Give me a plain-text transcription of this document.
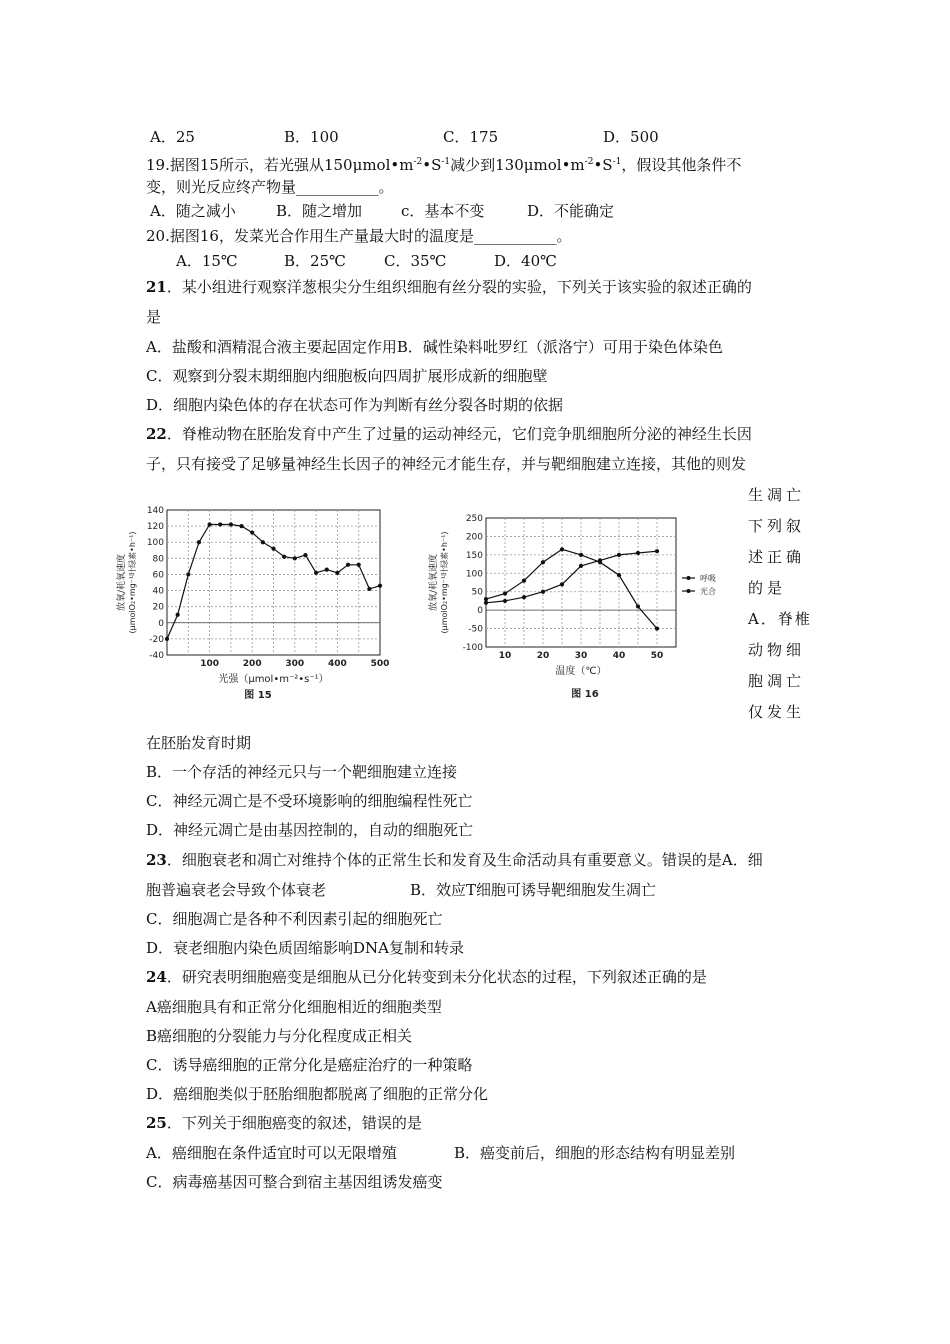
A．25	B．100	C．175	D．500
19.据图15所示，若光强从$150\mu mol•m^{-2}•S^{-1}$减少到$130\mu mol•m^{-2}•S^{-1}$，假设其他条件不
变，则光反应终产物量___________。
A．随之减小	B．随之增加	c．基本不变	D．不能确定
20.据图16，发菜光合作用生产量最大时的温度是___________。
A．15℃	B．25℃	C．35℃	D．40℃
21．某小组进行观察洋葱根尖分生组织细胞有丝分裂的实验，下列关于该实验的叙述正确的
是
A．盐酸和酒精混合液主要起固定作用B．碱性染料吡罗红（派洛宁）可用于染色体染色
C．观察到分裂末期细胞内细胞板向四周扩展形成新的细胞壁
D．细胞内染色体的存在状态可作为判断有丝分裂各时期的依据
22．脊椎动物在胚胎发育中产生了过量的运动神经元，它们竞争肌细胞所分泌的神经生长因
子，只有接受了足够量神经生长因子的神经元才能生存，并与靶细胞建立连接，其他的则发
生凋亡
下列叙
述正确
的是
A．脊椎
动物细
胞凋亡
仅发生
在胚胎发育时期
B．一个存活的神经元只与一个靶细胞建立连接
C．神经元凋亡是不受环境影响的细胞编程性死亡
D．神经元凋亡是由基因控制的，自动的细胞死亡
140
120
100
80
60
40
20
0
-20
-40
100	200	300	400	500
光强（μmol•m⁻²•s⁻¹）
放氧/耗氧速度 (μmolO₂•mg⁻¹叶绿素•h⁻¹)
图 15
250
200
150
100
50
0
-50
-100
10	20	30	40	50
温度（℃）
放氧/耗氧速度 (μmolO₂•mg⁻¹叶绿素•h⁻¹)
图 16
呼吸
光合
23．细胞衰老和凋亡对维持个体的正常生长和发育及生命活动具有重要意义。错误的是A．细
胞普遍衰老会导致个体衰老	B．效应T细胞可诱导靶细胞发生凋亡
C．细胞凋亡是各种不利因素引起的细胞死亡
D．衰老细胞内染色质固缩影响DNA复制和转录
24．研究表明细胞癌变是细胞从已分化转变到未分化状态的过程，下列叙述正确的是
A癌细胞具有和正常分化细胞相近的细胞类型
B癌细胞的分裂能力与分化程度成正相关
C．诱导癌细胞的正常分化是癌症治疗的一种策略
D．癌细胞类似于胚胎细胞都脱离了细胞的正常分化
25．下列关于细胞癌变的叙述，错误的是
A．癌细胞在条件适宜时可以无限增殖	B．癌变前后，细胞的形态结构有明显差别
C．病毒癌基因可整合到宿主基因组诱发癌变
